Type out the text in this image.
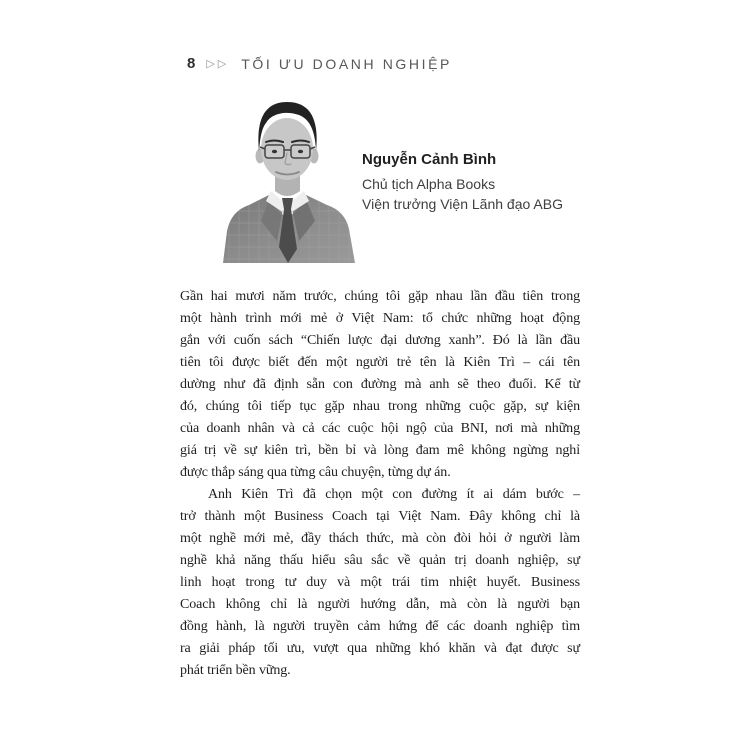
8 ▷▷ TỐI ƯU DOANH NGHIỆP
Nguyễn Cảnh Bình
Chủ tịch Alpha Books
Viện trưởng Viện Lãnh đạo ABG
Gần hai mươi năm trước, chúng tôi gặp nhau lần đầu tiên trong
một hành trình mới mẻ ở Việt Nam: tổ chức những hoạt động
gắn với cuốn sách “Chiến lược đại dương xanh”. Đó là lần đầu
tiên tôi được biết đến một người trẻ tên là Kiên Trì – cái tên
dường như đã định sẵn con đường mà anh sẽ theo đuổi. Kể từ
đó, chúng tôi tiếp tục gặp nhau trong những cuộc gặp, sự kiện
của doanh nhân và cả các cuộc hội ngộ của BNI, nơi mà những
giá trị về sự kiên trì, bền bỉ và lòng đam mê không ngừng nghỉ
được thắp sáng qua từng câu chuyện, từng dự án.
Anh Kiên Trì đã chọn một con đường ít ai dám bước –
trở thành một Business Coach tại Việt Nam. Đây không chỉ là
một nghề mới mẻ, đầy thách thức, mà còn đòi hỏi ở người làm
nghề khả năng thấu hiểu sâu sắc về quản trị doanh nghiệp, sự
linh hoạt trong tư duy và một trái tim nhiệt huyết. Business
Coach không chỉ là người hướng dẫn, mà còn là người bạn
đồng hành, là người truyền cảm hứng để các doanh nghiệp tìm
ra giải pháp tối ưu, vượt qua những khó khăn và đạt được sự
phát triển bền vững.
